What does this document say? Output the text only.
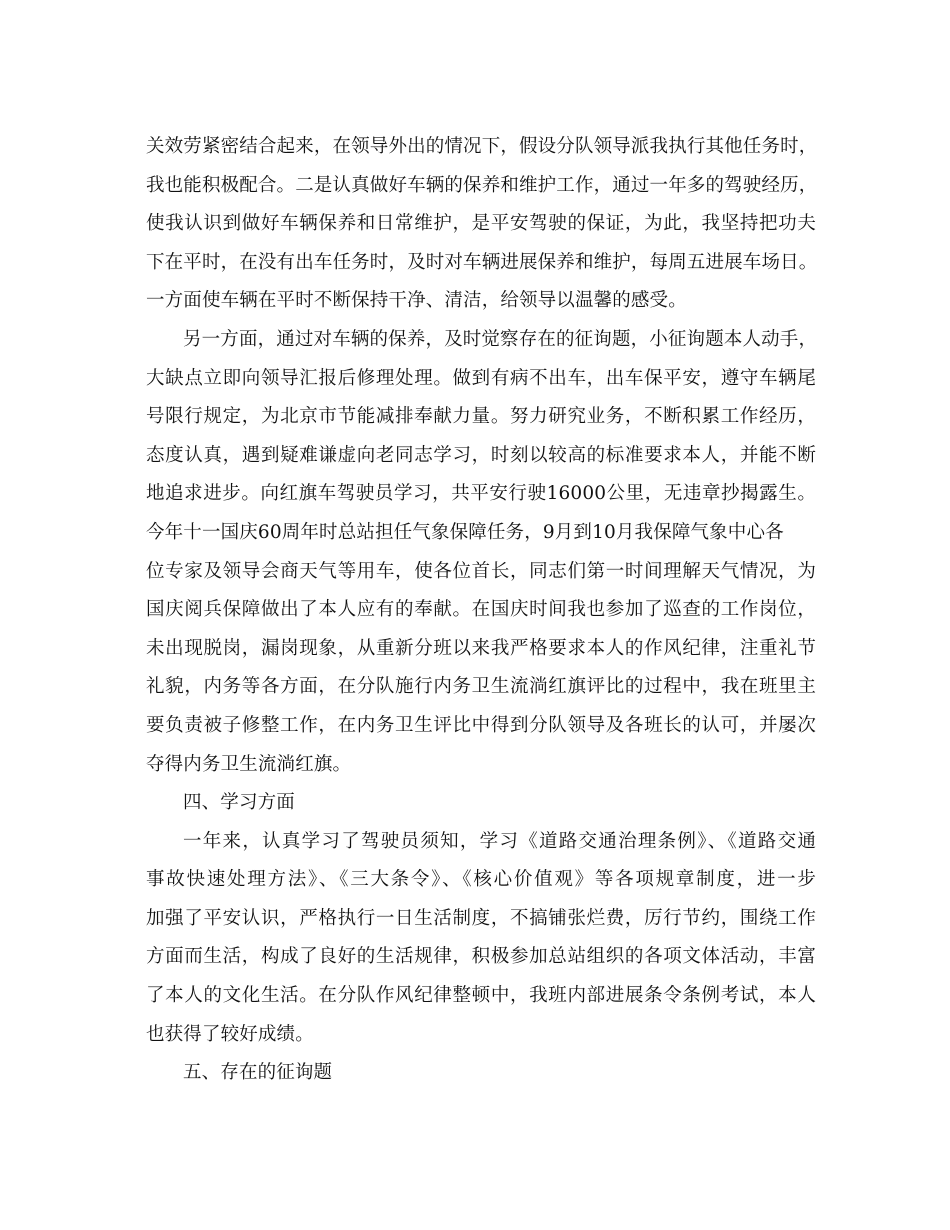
关效劳紧密结合起来，在领导外出的情况下，假设分队领导派我执行其他任务时，
我也能积极配合。二是认真做好车辆的保养和维护工作，通过一年多的驾驶经历，
使我认识到做好车辆保养和日常维护，是平安驾驶的保证，为此，我坚持把功夫
下在平时，在没有出车任务时，及时对车辆进展保养和维护，每周五进展车场日。
一方面使车辆在平时不断保持干净、清洁，给领导以温馨的感受。
另一方面，通过对车辆的保养，及时觉察存在的征询题，小征询题本人动手，
大缺点立即向领导汇报后修理处理。做到有病不出车，出车保平安，遵守车辆尾
号限行规定，为北京市节能减排奉献力量。努力研究业务，不断积累工作经历，
态度认真，遇到疑难谦虚向老同志学习，时刻以较高的标准要求本人，并能不断
地追求进步。向红旗车驾驶员学习，共平安行驶16000公里，无违章抄揭露生。
今年十一国庆60周年时总站担任气象保障任务，9月到10月我保障气象中心各
位专家及领导会商天气等用车，使各位首长，同志们第一时间理解天气情况，为
国庆阅兵保障做出了本人应有的奉献。在国庆时间我也参加了巡查的工作岗位，
未出现脱岗，漏岗现象，从重新分班以来我严格要求本人的作风纪律，注重礼节
礼貌，内务等各方面，在分队施行内务卫生流淌红旗评比的过程中，我在班里主
要负责被子修整工作，在内务卫生评比中得到分队领导及各班长的认可，并屡次
夺得内务卫生流淌红旗。
四、学习方面
一年来，认真学习了驾驶员须知，学习《道路交通治理条例》、《道路交通
事故快速处理方法》、《三大条令》、《核心价值观》等各项规章制度，进一步
加强了平安认识，严格执行一日生活制度，不搞铺张烂费，厉行节约，围绕工作
方面而生活，构成了良好的生活规律，积极参加总站组织的各项文体活动，丰富
了本人的文化生活。在分队作风纪律整顿中，我班内部进展条令条例考试，本人
也获得了较好成绩。
五、存在的征询题
